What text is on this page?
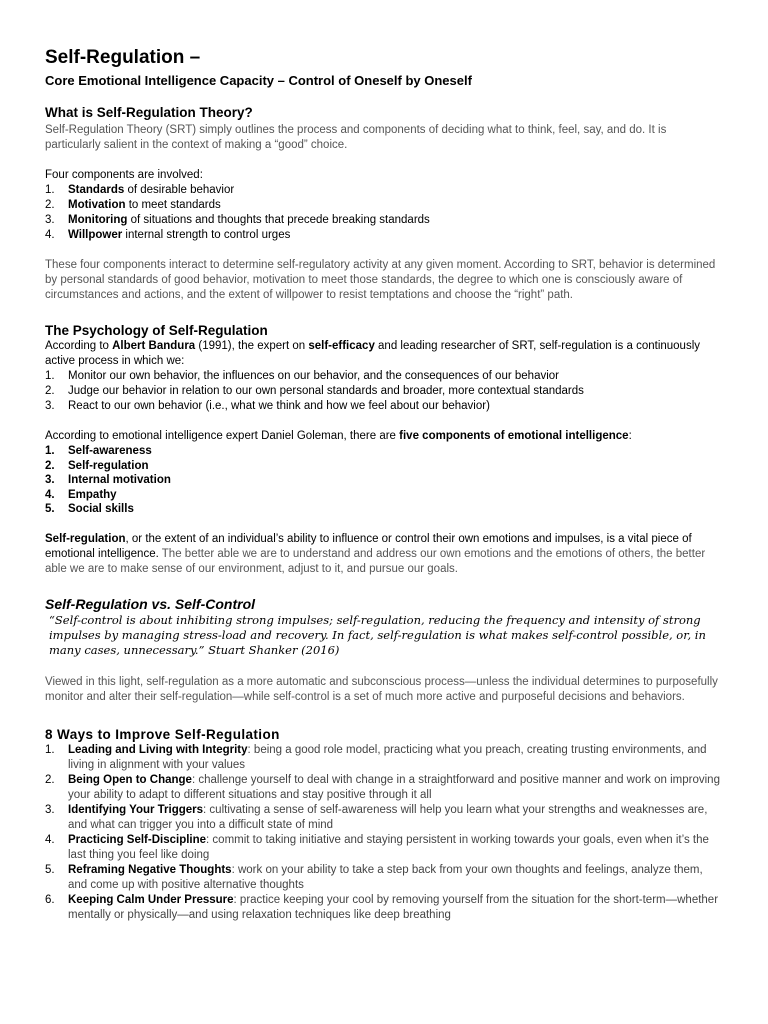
Self-Regulation –
Core Emotional Intelligence Capacity – Control of Oneself by Oneself
What is Self-Regulation Theory?

Self-Regulation Theory (SRT) simply outlines the process and components of deciding what to think, feel, say, and do. It is particularly salient in the context of making a “good” choice.

Four components are involved:

1.	Standards of desirable behavior
2.	Motivation to meet standards
3.	Monitoring of situations and thoughts that precede breaking standards
4.	Willpower internal strength to control urges

These four components interact to determine self-regulatory activity at any given moment. According to SRT, behavior is determined by personal standards of good behavior, motivation to meet those standards, the degree to which one is consciously aware of circumstances and actions, and the extent of willpower to resist temptations and choose the “right” path.

The Psychology of Self-Regulation

According to Albert Bandura (1991), the expert on self-efficacy and leading researcher of SRT, self-regulation is a continuously active process in which we:

1.	Monitor our own behavior, the influences on our behavior, and the consequences of our behavior
2.	Judge our behavior in relation to our own personal standards and broader, more contextual standards
3.	React to our own behavior (i.e., what we think and how we feel about our behavior)

According to emotional intelligence expert Daniel Goleman, there are five components of emotional intelligence:

1.	Self-awareness
2.	Self-regulation
3.	Internal motivation
4.	Empathy
5.	Social skills

Self-regulation, or the extent of an individual’s ability to influence or control their own emotions and impulses, is a vital piece of emotional intelligence. The better able we are to understand and address our own emotions and the emotions of others, the better able we are to make sense of our environment, adjust to it, and pursue our goals.

Self-Regulation vs. Self-Control

“Self-control is about inhibiting strong impulses; self-regulation, reducing the frequency and intensity of strong impulses by managing stress-load and recovery. In fact, self-regulation is what makes self-control possible, or, in many cases, unnecessary.” Stuart Shanker (2016)

Viewed in this light, self-regulation as a more automatic and subconscious process—unless the individual determines to purposefully monitor and alter their self-regulation—while self-control is a set of much more active and purposeful decisions and behaviors.

8 Ways to Improve Self-Regulation
1.	Leading and Living with Integrity: being a good role model, practicing what you preach, creating trusting environments, and living in alignment with your values
2.	Being Open to Change: challenge yourself to deal with change in a straightforward and positive manner and work on improving your ability to adapt to different situations and stay positive through it all
3.	Identifying Your Triggers: cultivating a sense of self-awareness will help you learn what your strengths and weaknesses are, and what can trigger you into a difficult state of mind
4.	Practicing Self-Discipline: commit to taking initiative and staying persistent in working towards your goals, even when it’s the last thing you feel like doing
5.	Reframing Negative Thoughts: work on your ability to take a step back from your own thoughts and feelings, analyze them, and come up with positive alternative thoughts
6.	Keeping Calm Under Pressure: practice keeping your cool by removing yourself from the situation for the short-term—whether mentally or physically—and using relaxation techniques like deep breathing
